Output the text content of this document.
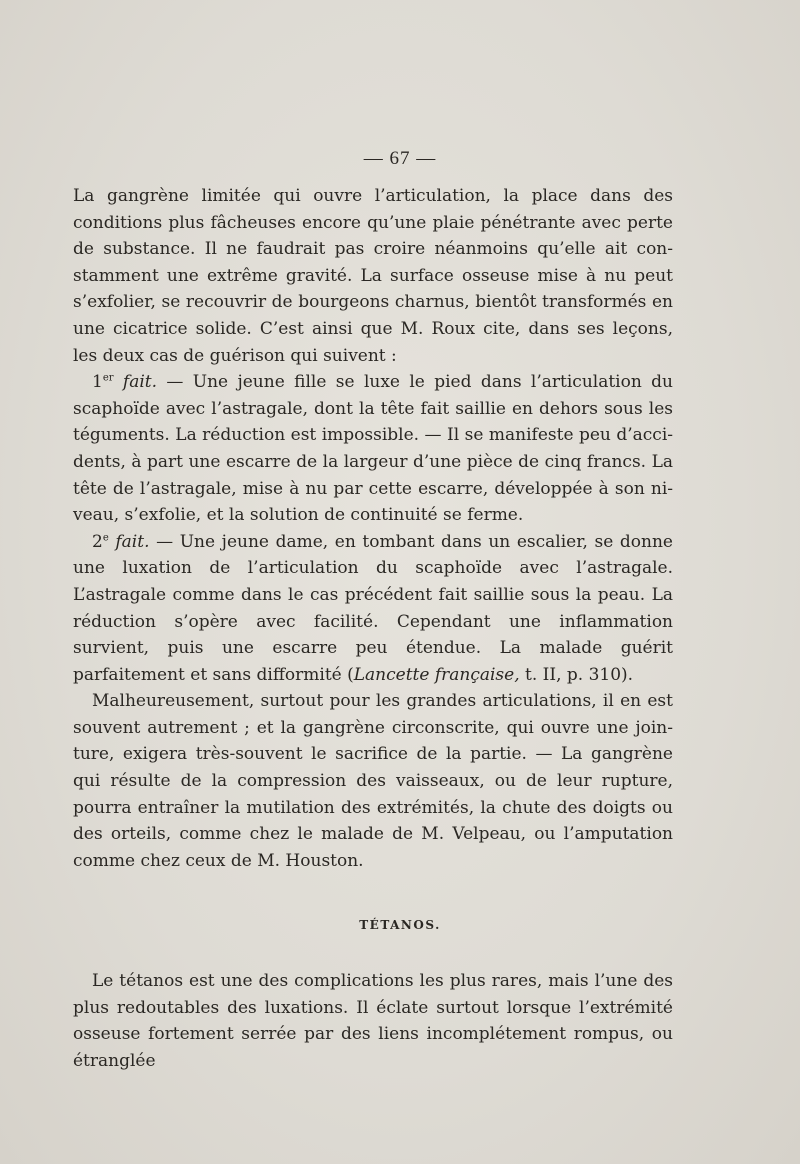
— 67 —

La gangrène limitée qui ouvre l’articulation, la place dans des conditions plus fâcheuses encore qu’une plaie pénétrante avec perte de substance. Il ne faudrait pas croire néanmoins qu’elle ait con-stamment une extrême gravité. La surface osseuse mise à nu peut s’exfolier, se recouvrir de bourgeons charnus, bientôt transformés en une cicatrice solide. C’est ainsi que M. Roux cite, dans ses leçons, les deux cas de guérison qui suivent :

1er fait. — Une jeune fille se luxe le pied dans l’articulation du scaphoïde avec l’astragale, dont la tête fait saillie en dehors sous les téguments. La réduction est impossible. — Il se manifeste peu d’acci-dents, à part une escarre de la largeur d’une pièce de cinq francs. La tête de l’astragale, mise à nu par cette escarre, développée à son ni-veau, s’exfolie, et la solution de continuité se ferme.

2e fait. — Une jeune dame, en tombant dans un escalier, se donne une luxation de l’articulation du scaphoïde avec l’astragale. L’astragale comme dans le cas précédent fait saillie sous la peau. La réduction s’opère avec facilité. Cependant une inflammation survient, puis une escarre peu étendue. La malade guérit parfaitement et sans difformité (Lancette française, t. II, p. 310).

Malheureusement, surtout pour les grandes articulations, il en est souvent autrement ; et la gangrène circonscrite, qui ouvre une join-ture, exigera très-souvent le sacrifice de la partie. — La gangrène qui résulte de la compression des vaisseaux, ou de leur rupture, pourra entraîner la mutilation des extrémités, la chute des doigts ou des orteils, comme chez le malade de M. Velpeau, ou l’amputation comme chez ceux de M. Houston.

TÉTANOS.

Le tétanos est une des complications les plus rares, mais l’une des plus redoutables des luxations. Il éclate surtout lorsque l’extrémité osseuse fortement serrée par des liens incomplétement rompus, ou étranglée
